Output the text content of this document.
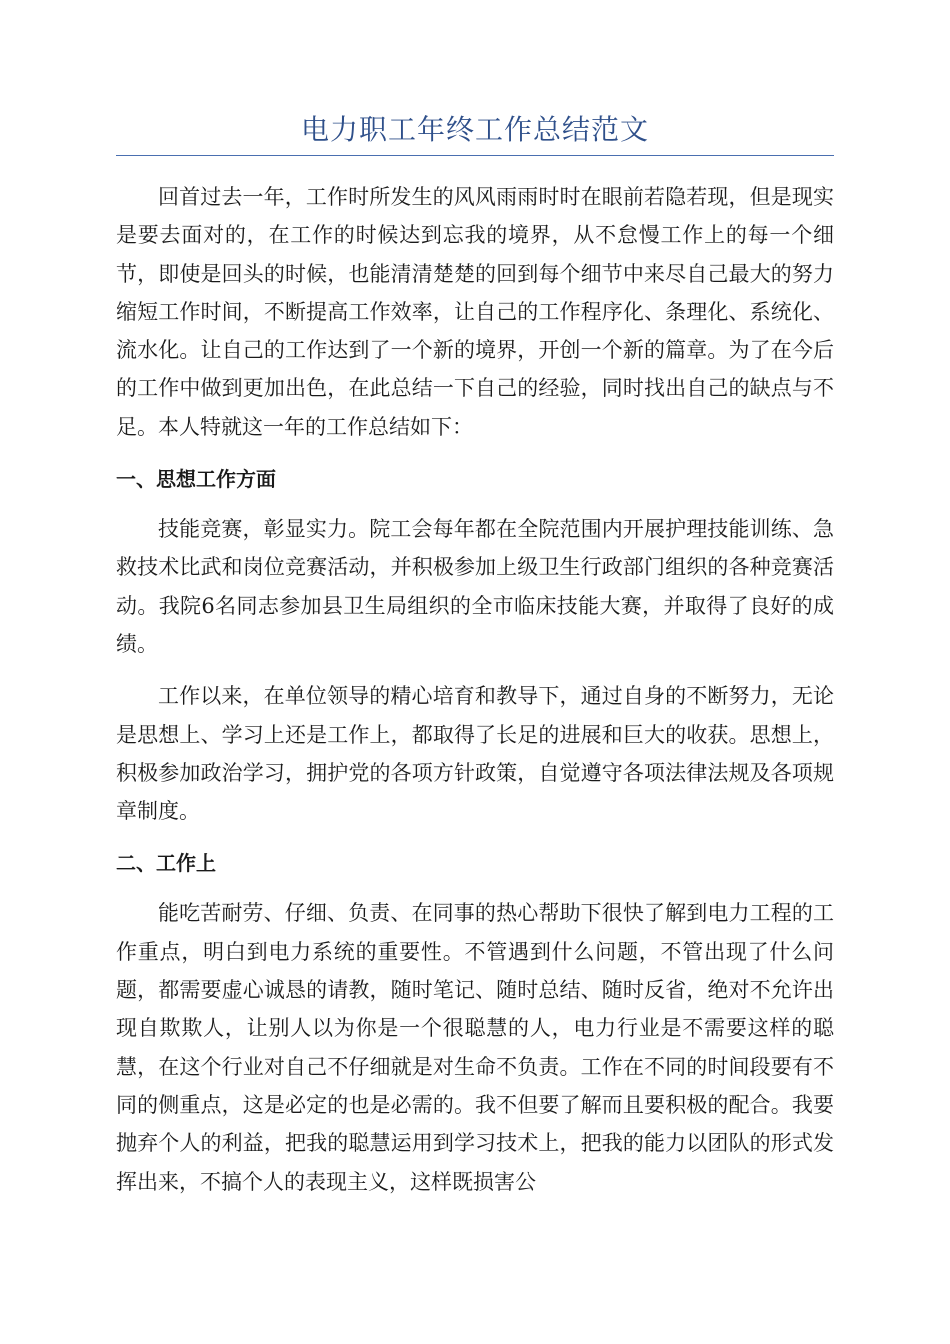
电力职工年终工作总结范文

回首过去一年，工作时所发生的风风雨雨时时在眼前若隐若现，但是现实是要去面对的，在工作的时候达到忘我的境界，从不怠慢工作上的每一个细节，即使是回头的时候，也能清清楚楚的回到每个细节中来尽自己最大的努力缩短工作时间，不断提高工作效率，让自己的工作程序化、条理化、系统化、流水化。让自己的工作达到了一个新的境界，开创一个新的篇章。为了在今后的工作中做到更加出色，在此总结一下自己的经验，同时找出自己的缺点与不足。本人特就这一年的工作总结如下：

一、思想工作方面

技能竞赛，彰显实力。院工会每年都在全院范围内开展护理技能训练、急救技术比武和岗位竞赛活动，并积极参加上级卫生行政部门组织的各种竞赛活动。我院6名同志参加县卫生局组织的全市临床技能大赛，并取得了良好的成绩。

工作以来，在单位领导的精心培育和教导下，通过自身的不断努力，无论是思想上、学习上还是工作上，都取得了长足的进展和巨大的收获。思想上，积极参加政治学习，拥护党的各项方针政策，自觉遵守各项法律法规及各项规章制度。

二、工作上

能吃苦耐劳、仔细、负责、在同事的热心帮助下很快了解到电力工程的工作重点，明白到电力系统的重要性。不管遇到什么问题，不管出现了什么问题，都需要虚心诚恳的请教，随时笔记、随时总结、随时反省，绝对不允许出现自欺欺人，让别人以为你是一个很聪慧的人，电力行业是不需要这样的聪慧，在这个行业对自己不仔细就是对生命不负责。工作在不同的时间段要有不同的侧重点，这是必定的也是必需的。我不但要了解而且要积极的配合。我要抛弃个人的利益，把我的聪慧运用到学习技术上，把我的能力以团队的形式发挥出来，不搞个人的表现主义，这样既损害公
